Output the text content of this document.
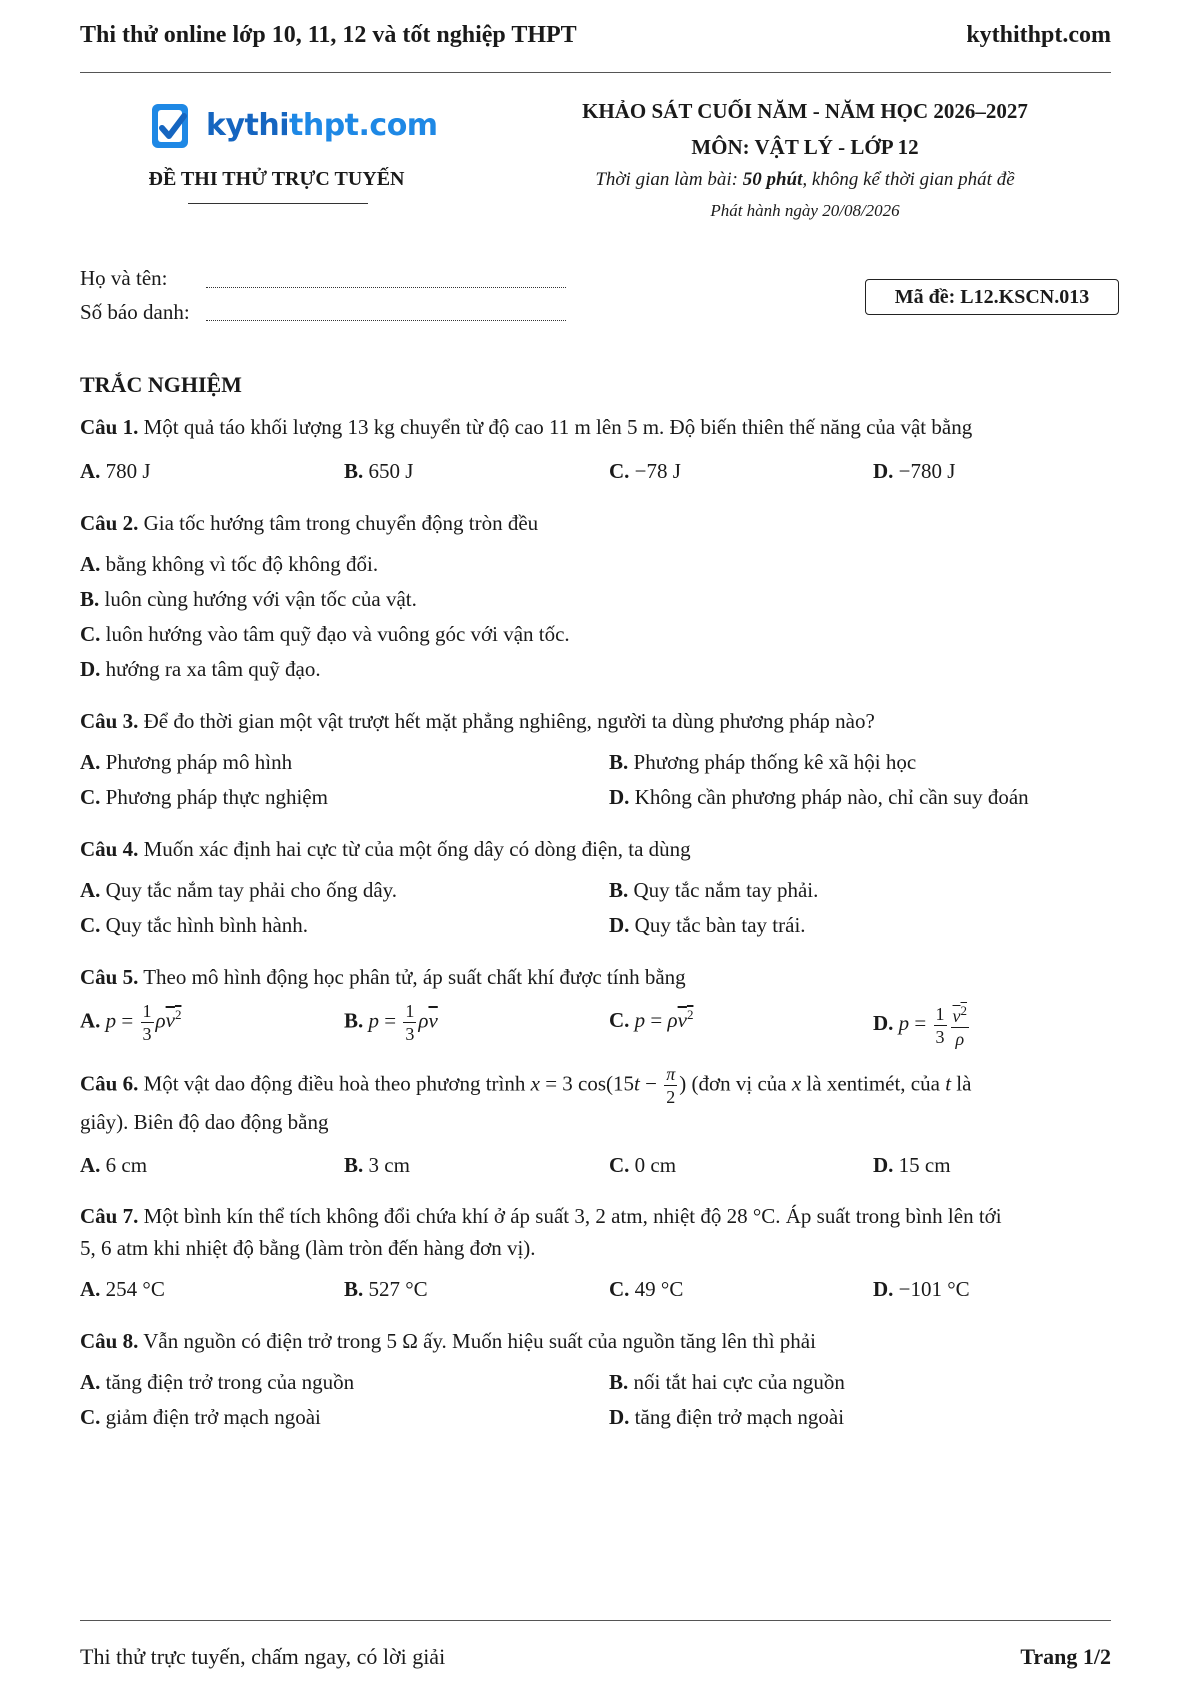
Thi thử online lớp 10, 11, 12 và tốt nghiệp THPT	kythithpt.com
kythithpt.com
ĐỀ THI THỬ TRỰC TUYẾN
KHẢO SÁT CUỐI NĂM - NĂM HỌC 2026–2027
MÔN: VẬT LÝ - LỚP 12
Thời gian làm bài: 50 phút, không kể thời gian phát đề
Phát hành ngày 20/08/2026
Họ và tên:
Số báo danh:
Mã đề: L12.KSCN.013
TRẮC NGHIỆM
Câu 1. Một quả táo khối lượng 13 kg chuyển từ độ cao 11 m lên 5 m. Độ biến thiên thế năng của vật bằng
A. 780 J	B. 650 J	C. −78 J	D. −780 J
Câu 2. Gia tốc hướng tâm trong chuyển động tròn đều
A. bằng không vì tốc độ không đổi.
B. luôn cùng hướng với vận tốc của vật.
C. luôn hướng vào tâm quỹ đạo và vuông góc với vận tốc.
D. hướng ra xa tâm quỹ đạo.
Câu 3. Để đo thời gian một vật trượt hết mặt phẳng nghiêng, người ta dùng phương pháp nào?
A. Phương pháp mô hình	B. Phương pháp thống kê xã hội học
C. Phương pháp thực nghiệm	D. Không cần phương pháp nào, chỉ cần suy đoán
Câu 4. Muốn xác định hai cực từ của một ống dây có dòng điện, ta dùng
A. Quy tắc nắm tay phải cho ống dây.	B. Quy tắc nắm tay phải.
C. Quy tắc hình bình hành.	D. Quy tắc bàn tay trái.
Câu 5. Theo mô hình động học phân tử, áp suất chất khí được tính bằng
A. $p = \frac{1}{3} \rho v^2$	B. $p = \frac{1}{3} \rho\overline{v}$	C. $p = \rho v^2$	D. $p = \frac{1}{3} \frac{v^2}{\rho}$
Câu 6. Một vật dao động điều hoà theo phương trình x = 3 $\cos(15t - \frac{\pi}{2}$ ) (đơn vị của x là xentimét, của t là
giây). Biên độ dao động bằng
A. 6 cm	B. 3 cm	C. 0 cm	D. 15 cm
Câu 7. Một bình kín thể tích không đổi chứa khí ở áp suất 3, 2 atm, nhiệt độ 28 °C. Áp suất trong bình lên tới
5, 6 atm khi nhiệt độ bằng (làm tròn đến hàng đơn vị).
A. 254 °C	B. 527 °C	C. 49 °C	D. −101 °C
Câu 8. Vẫn nguồn có điện trở trong 5 Ω ấy. Muốn hiệu suất của nguồn tăng lên thì phải
A. tăng điện trở trong của nguồn	B. nối tắt hai cực của nguồn
C. giảm điện trở mạch ngoài	D. tăng điện trở mạch ngoài
Thi thử trực tuyến, chấm ngay, có lời giải	Trang 1/2
